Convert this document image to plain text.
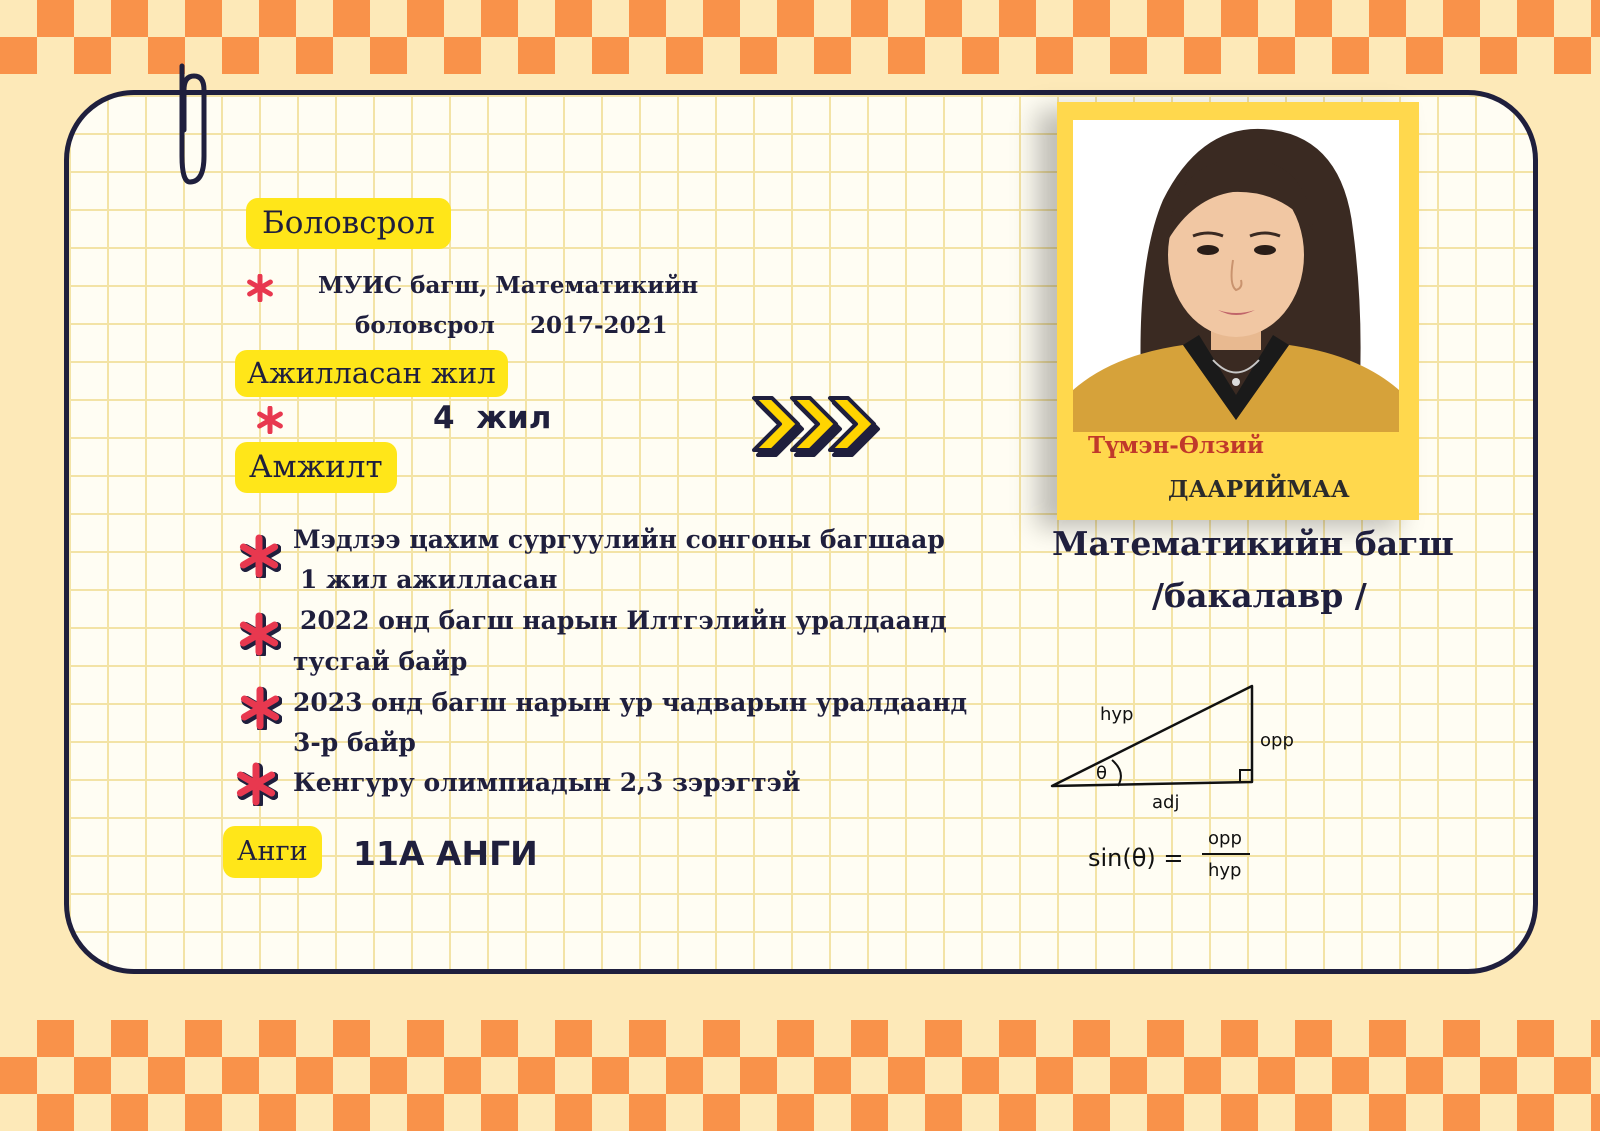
Боловсрол
МУИС багш, Математикийн
боловсрол 2017-2021
Ажилласан жил
4  жил
Амжилт
Мэдлээ цахим сургуулийн сонгоны багшаар
1 жил ажилласан
2022 онд багш нарын Илтгэлийн уралдаанд
тусгай байр
2023 онд багш нарын ур чадварын уралдаанд
3-р байр
Кенгуру олимпиадын 2,3 зэрэгтэй
Анги	11A АНГИ
Түмэн-Өлзий
ДААРИЙМАА
Математикийн багш
/бакалавр /
θ
hyp
opp
adj
sin(θ) =
opp
hyp
